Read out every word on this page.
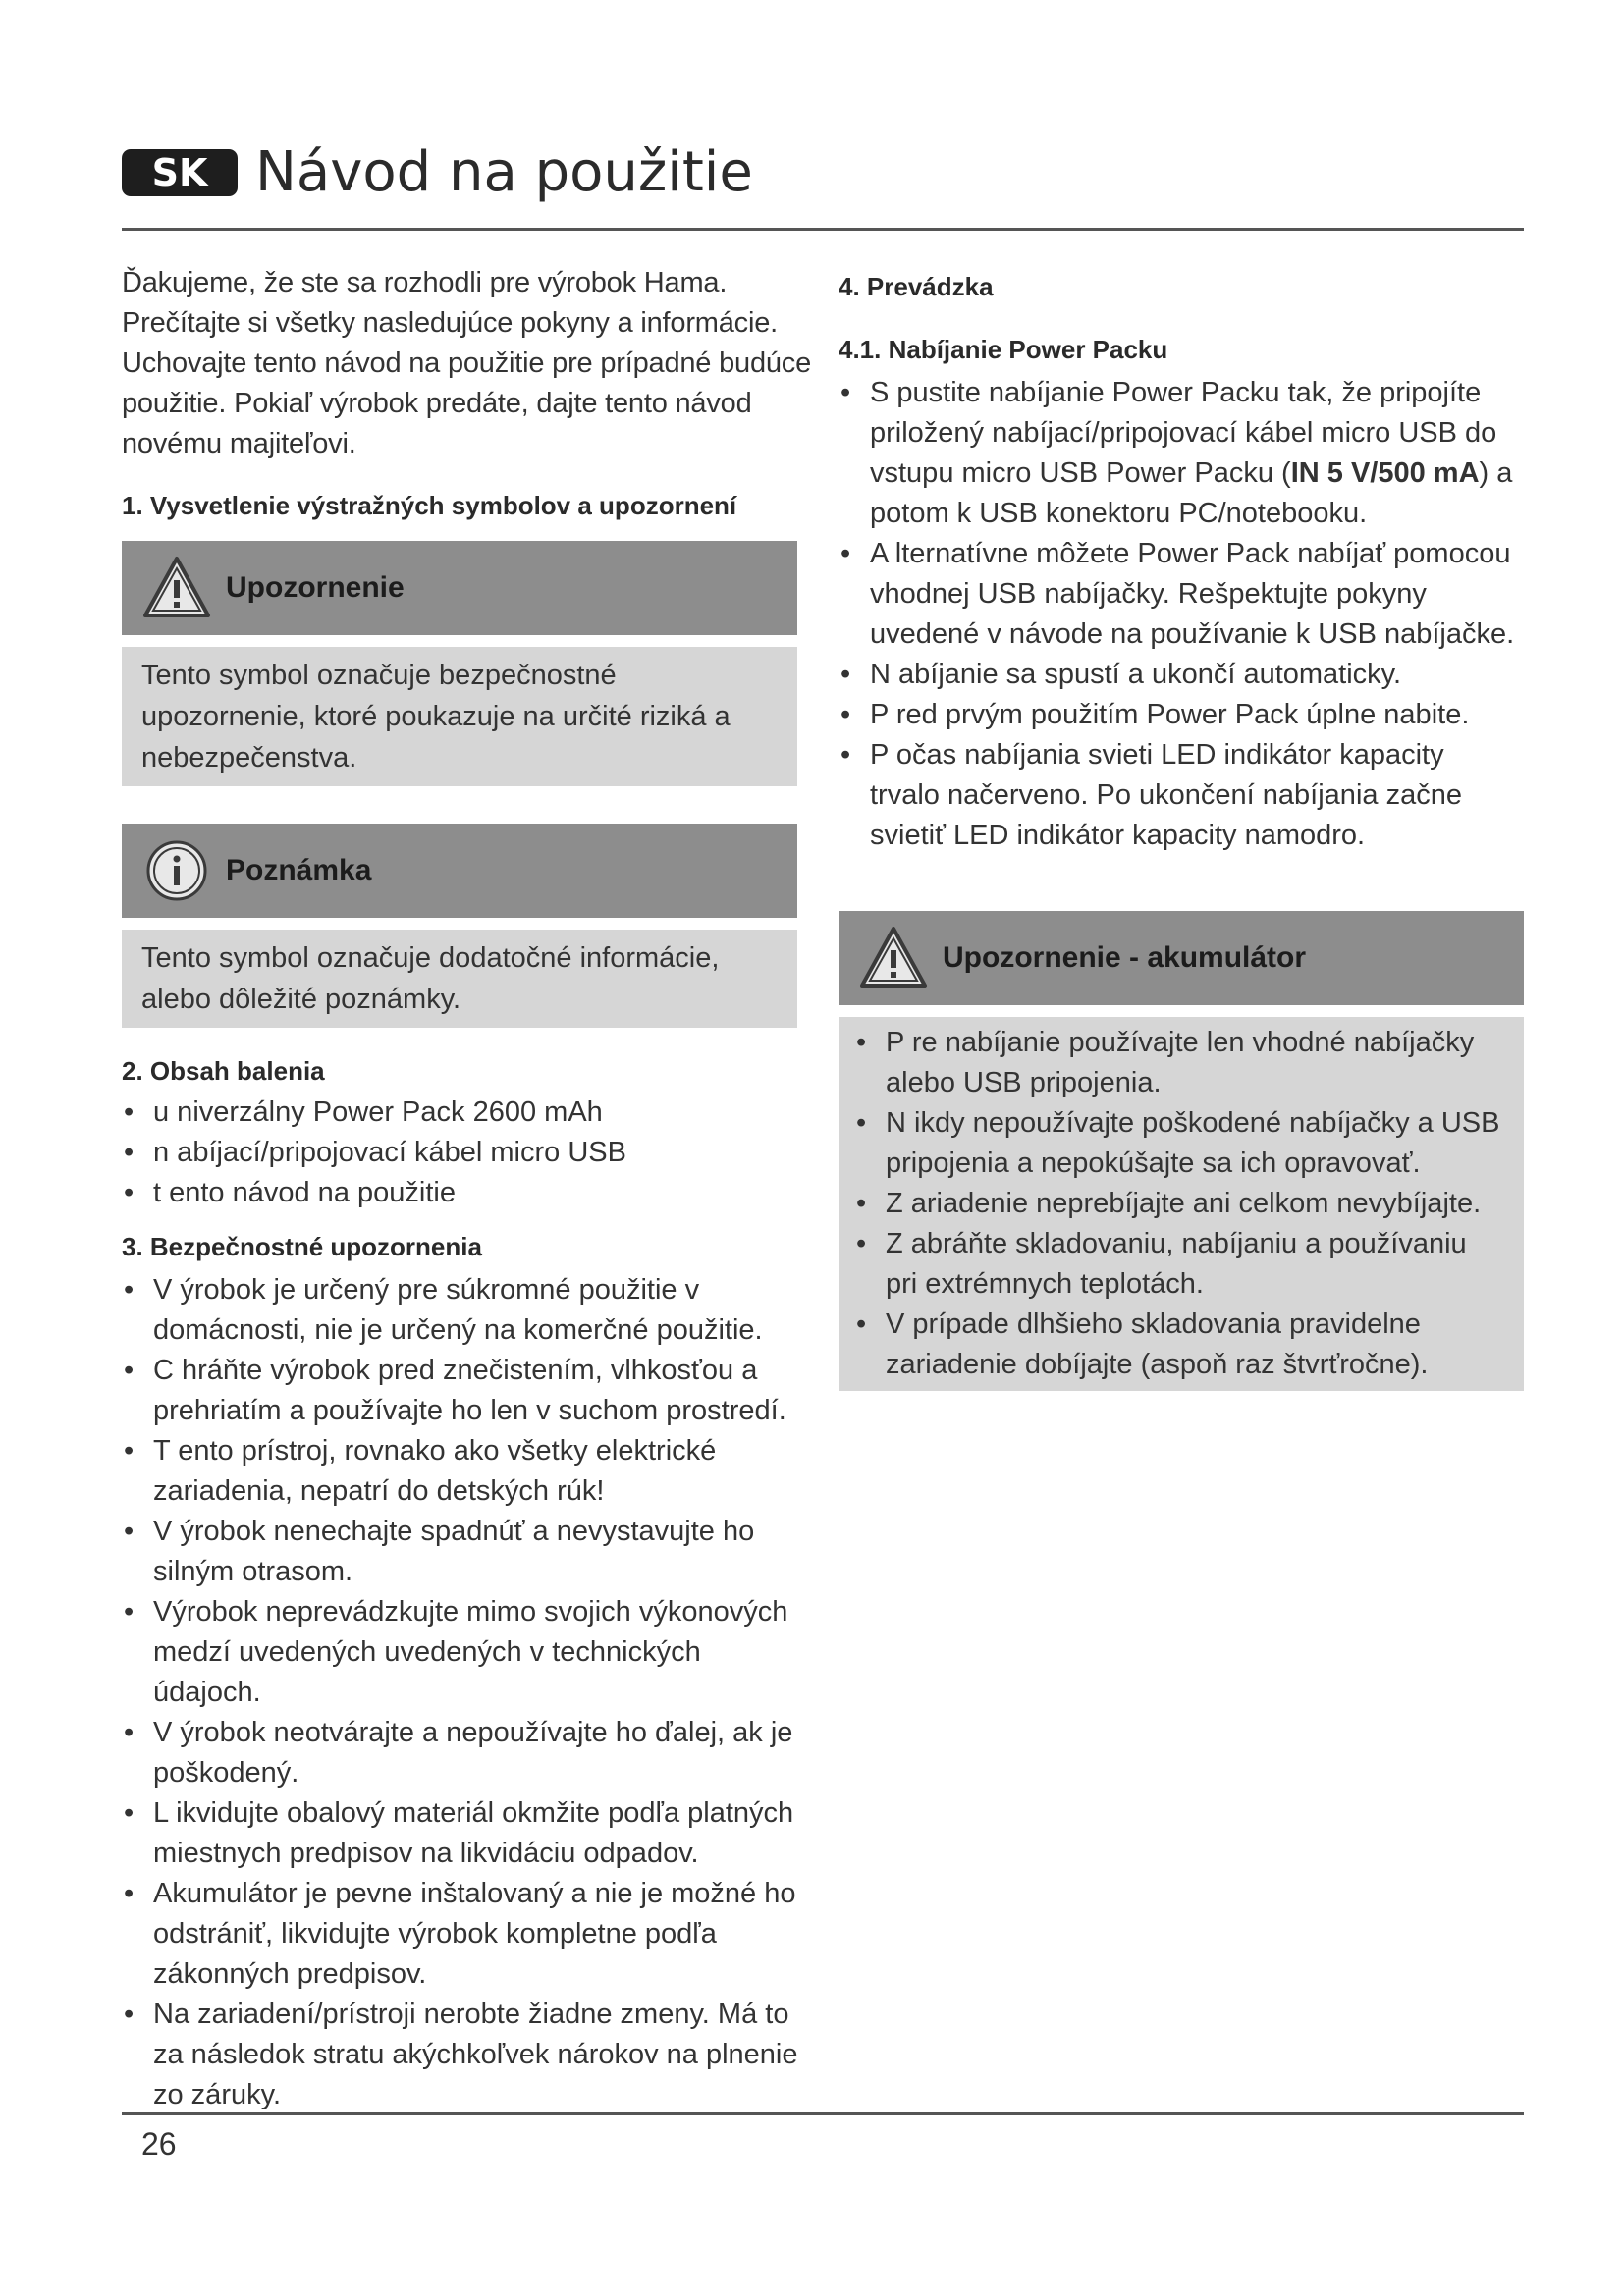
SK Návod na použitie

Ďakujeme, že ste sa rozhodli pre výrobok Hama. Prečítajte si všetky nasledujúce pokyny a informácie. Uchovajte tento návod na použitie pre prípadné budúce použitie. Pokiaľ výrobok predáte, dajte tento návod novému majiteľovi.

1. Vysvetlenie výstražných symbolov a upozornení
Upozornenie
Tento symbol označuje bezpečnostné upozornenie, ktoré poukazuje na určité riziká a nebezpečenstva.
Poznámka
Tento symbol označuje dodatočné informácie, alebo dôležité poznámky.
2. Obsah balenia
• u niverzálny Power Pack 2600 mAh
• n abíjací/pripojovací kábel micro USB
• t ento návod na použitie
3. Bezpečnostné upozornenia
• V ýrobok je určený pre súkromné použitie v domácnosti, nie je určený na komerčné použitie.
• C hráňte výrobok pred znečistením, vlhkosťou a prehriatím a používajte ho len v suchom prostredí.
• T ento prístroj, rovnako ako všetky elektrické zariadenia, nepatrí do detských rúk!
• V ýrobok nenechajte spadnúť a nevystavujte ho silným otrasom.
• Výrobok neprevádzkujte mimo svojich výkonových medzí uvedených uvedených v technických údajoch.
• V ýrobok neotvárajte a nepoužívajte ho ďalej, ak je poškodený.
• L ikvidujte obalový materiál okmžite podľa platných miestnych predpisov na likvidáciu odpadov.
• Akumulátor je pevne inštalovaný a nie je možné ho odstrániť, likvidujte výrobok kompletne podľa zákonných predpisov.
• Na zariadení/prístroji nerobte žiadne zmeny. Má to za následok stratu akýchkoľvek nárokov na plnenie zo záruky.
4. Prevádzka
4.1. Nabíjanie Power Packu
• S pustite nabíjanie Power Packu tak, že pripojíte priložený nabíjací/pripojovací kábel micro USB do vstupu micro USB Power Packu (IN 5 V/500 mA) a potom k USB konektoru PC/notebooku.
• A lternatívne môžete Power Pack nabíjať pomocou vhodnej USB nabíjačky. Rešpektujte pokyny uvedené v návode na používanie k USB nabíjačke.
• N abíjanie sa spustí a ukončí automaticky.
• P red prvým použitím Power Pack úplne nabite.
• P očas nabíjania svieti LED indikátor kapacity trvalo načerveno. Po ukončení nabíjania začne svietiť LED indikátor kapacity namodro.
Upozornenie - akumulátor
• P re nabíjanie používajte len vhodné nabíjačky alebo USB pripojenia.
• N ikdy nepoužívajte poškodené nabíjačky a USB pripojenia a nepokúšajte sa ich opravovať.
• Z ariadenie neprebíjajte ani celkom nevybíjajte.
• Z abráňte skladovaniu, nabíjaniu a používaniu pri extrémnych teplotách.
• V prípade dlhšieho skladovania pravidelne zariadenie dobíjajte (aspoň raz štvrťročne).
26
